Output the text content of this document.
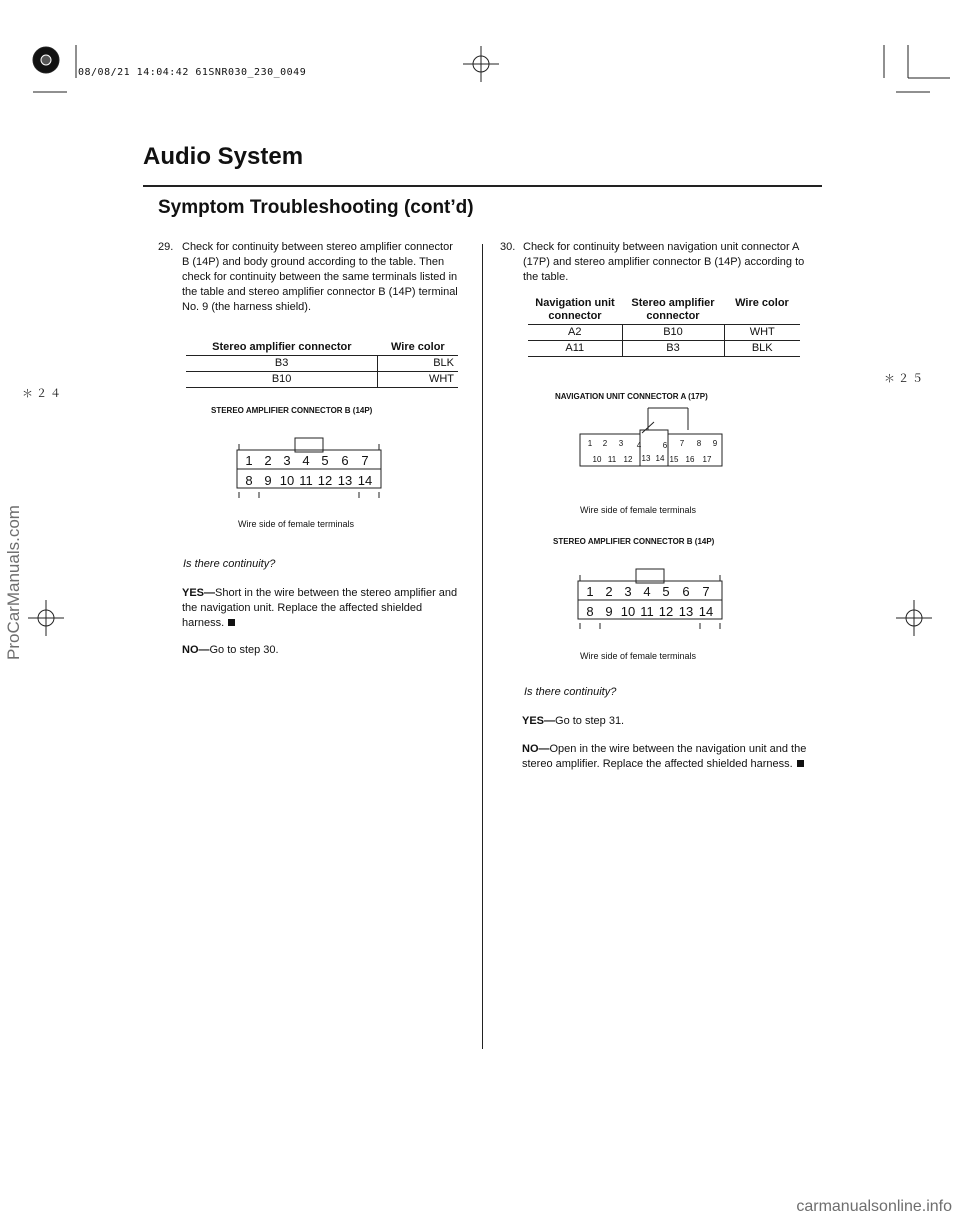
08/08/21 14:04:42 61SNR030_230_0049
Audio System
Symptom Troubleshooting (cont’d)
＊２４
＊２５
ProCarManuals.com
carmanualsonline.info
29. Check for continuity between stereo amplifier connector B (14P) and body ground according to the table. Then check for continuity between the same terminals listed in the table and stereo amplifier connector B (14P) terminal No. 9 (the harness shield).
Stereo amplifier connector	Wire color
B3	BLK
B10	WHT
STEREO AMPLIFIER CONNECTOR B (14P)
1 2 3 4 5 6 7
8 9 10 11 12 13 14
Wire side of female terminals
Is there continuity?
YES—Short in the wire between the stereo amplifier and the navigation unit. Replace the affected shielded harness.
NO—Go to step 30.
30. Check for continuity between navigation unit connector A (17P) and stereo amplifier connector B (14P) according to the table.
Navigation unit connector	Stereo amplifier connector	Wire color
A2	B10	WHT
A11	B3	BLK
NAVIGATION UNIT CONNECTOR A (17P)
1 2 3 4	6 7 8 9
10 11 12 13 14 15 16 17
Wire side of female terminals
STEREO AMPLIFIER CONNECTOR B (14P)
1 2 3 4 5 6 7
8 9 10 11 12 13 14
Wire side of female terminals
Is there continuity?
YES—Go to step 31.
NO—Open in the wire between the navigation unit and the stereo amplifier. Replace the affected shielded harness.
